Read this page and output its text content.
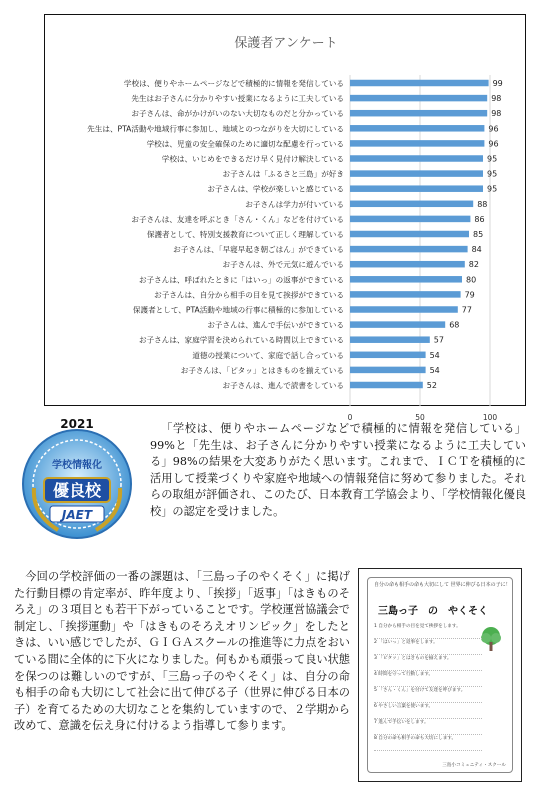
保護者アンケート
0	50	100
学校は、便りやホームページなどで積極的に情報を発信している	99
先生はお子さんに分かりやすい授業になるように工夫している	98
お子さんは、命がかけがいのない大切なものだと分かっている	98
先生は、PTA活動や地域行事に参加し、地域とのつながりを大切にしている	96
学校は、児童の安全確保のために適切な配慮を行っている	96
学校は、いじめをできるだけ早く見付け解決している	95
お子さんは「ふるさと三島」が好き	95
お子さんは、学校が楽しいと感じている	95
お子さんは学力が付いている	88
お子さんは、友達を呼ぶとき「さん・くん」などを付けている	86
保護者として、特別支援教育について正しく理解している	85
お子さんは、「早寝早起き朝ごはん」ができている	84
お子さんは、外で元気に遊んでいる	82
お子さんは、呼ばれたときに「はいっ」の返事ができている	80
お子さんは、自分から相手の目を見て挨拶ができている	79
保護者として、PTA活動や地域の行事に積極的に参加している	77
お子さんは、進んで手伝いができている	68
お子さんは、家庭学習を決められている時間以上できている	57
道徳の授業について、家庭で話し合っている	54
お子さんは、「ピタッ」とはきものを揃えている	54
お子さんは、進んで読書をしている	52
2021
学校情報化
優良校
JAET

「学校は、便りやホームページなどで積極的に情報を発信している」99%と「先生は、お子さんに分かりやすい授業になるように工夫している」98%の結果を大変ありがたく思います。これまで、ＩＣＴを積極的に活用して授業づくりや家庭や地域への情報発信に努めて参りました。それらの取組が評価され、このたび、日本教育工学協会より、「学校情報化優良校」の認定を受けました。

今回の学校評価の一番の課題は、「三島っ子のやくそく」に掲げた行動目標の肯定率が、昨年度より、「挨拶」「返事」「はきものそろえ」の３項目とも若干下がっていることです。学校運営協議会で制定し、「挨拶運動」や「はきものそろえオリンピック」をしたときは、いい感じでしたが、ＧＩＧＡスクールの推進等に力点をおいている間に全体的に下火になりました。何もかも頑張って良い状態を保つのは難しいのですが、「三島っ子のやくそく」は、自分の命も相手の命も大切にして社会に出て伸びる子（世界に伸びる日本の子）を育てるための大切なことを集約していますので、２学期から改めて、意識を伝え身に付けるよう指導して参ります。

自分の命も相手の命も大切にして 世界に伸びる日本の子に！

三島っ子　の　やくそく
1 自分から相手の目を見て挨拶をします。
2 「はいっ」と返事をします。
3 「ピタッ」とはきものを揃えます。
4 時間を守って行動します。
5 「さん・くん」を付けて友達を呼びます。
6 やさしい言葉を使います。
7 進んで手伝いをします。
8 自分の命も相手の命も大切にします。
三島小コミュニティ・スクール
